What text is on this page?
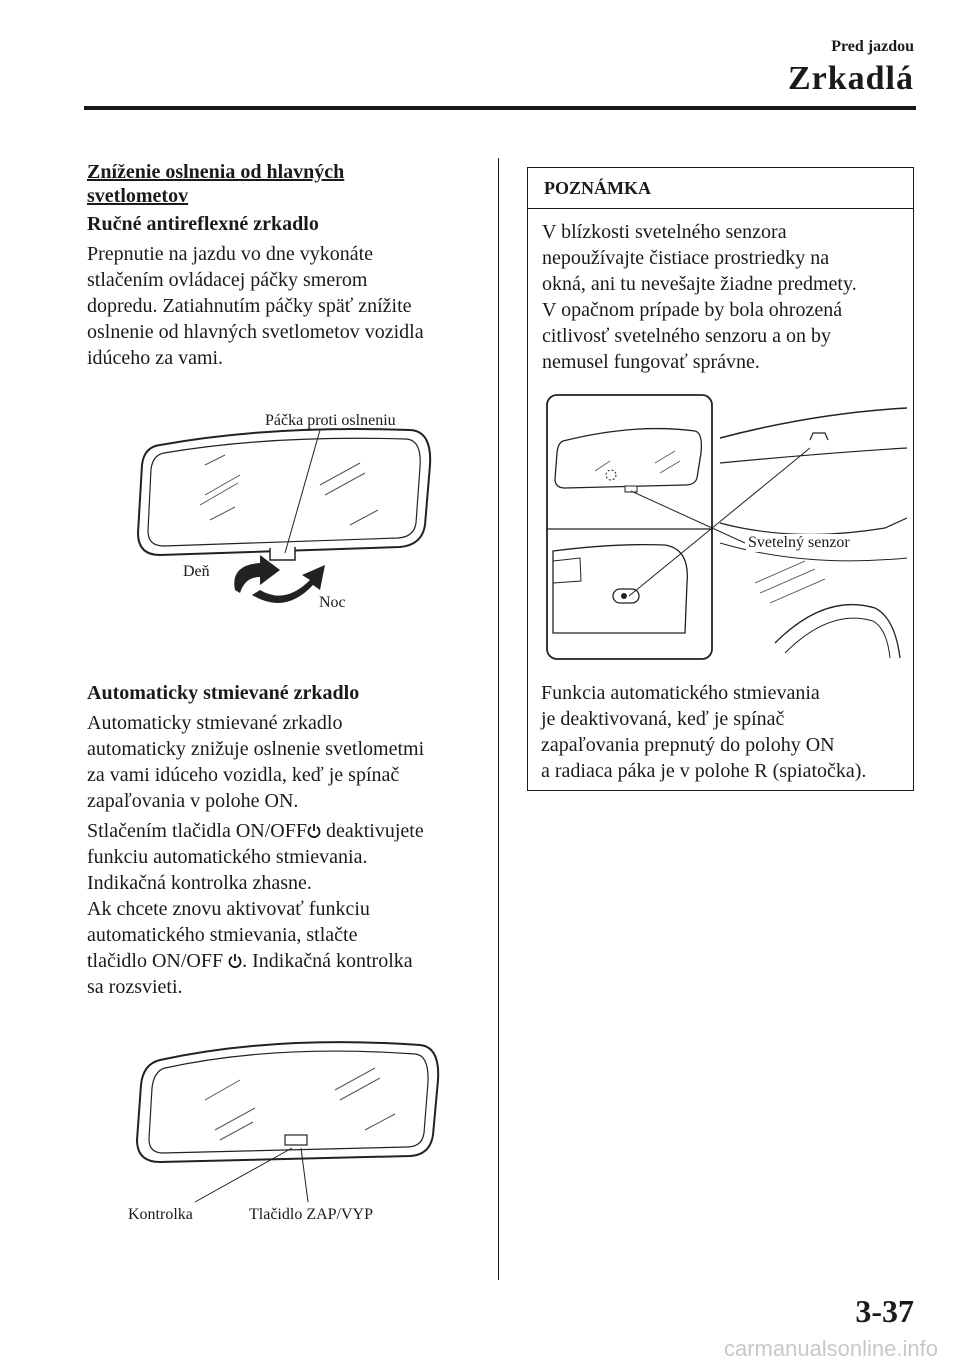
Pred jazdou
Zrkadlá
Zníženie oslnenia od hlavných svetlometov
Ručné antireflexné zrkadlo

Prepnutie na jazdu vo dne vykonáte

stlačením ovládacej páčky smerom

dopredu. Zatiahnutím páčky späť znížite

oslnenie od hlavných svetlometov vozidla

idúceho za vami.

Páčka proti oslneniu
Deň
Noc
Automaticky stmievané zrkadlo

Automaticky stmievané zrkadlo

automaticky znižuje oslnenie svetlometmi

za vami idúceho vozidla, keď je spínač

zapaľovania v polohe ON.

Stlačením tlačidla ON/OFF deaktivujete

funkciu automatického stmievania.

Indikačná kontrolka zhasne.

Ak chcete znovu aktivovať funkciu

automatického stmievania, stlačte

tlačidlo ON/OFF . Indikačná kontrolka

sa rozsvieti.

Kontrolka	Tlačidlo ZAP/VYP
POZNÁMKA

V blízkosti svetelného senzora

nepoužívajte čistiace prostriedky na

okná, ani tu nevešajte žiadne predmety.

V opačnom prípade by bola ohrozená

citlivosť svetelného senzoru a on by

nemusel fungovať správne.

Svetelný senzor

Funkcia automatického stmievania

je deaktivovaná, keď je spínač

zapaľovania prepnutý do polohy ON

a radiaca páka je v polohe R (spiatočka).

3-37
carmanualsonline.info
